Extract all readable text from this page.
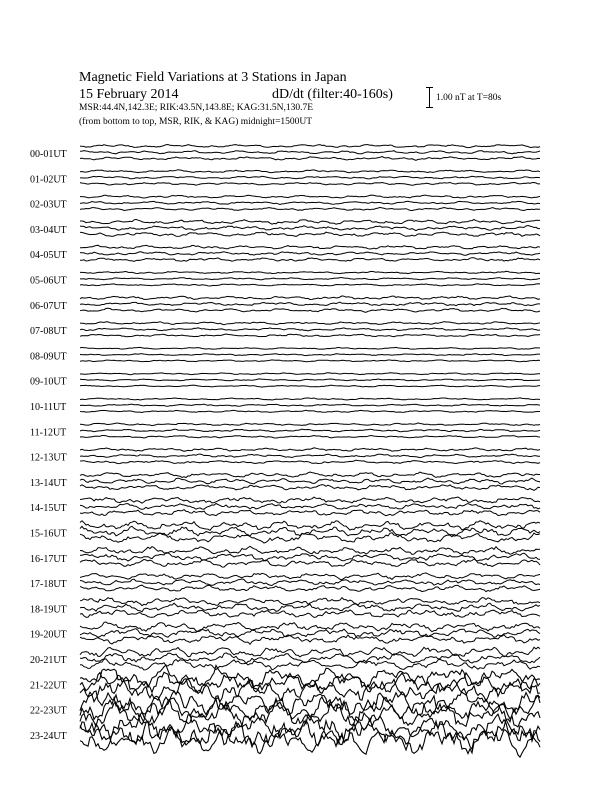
Magnetic Field Variations at 3 Stations in Japan
15 February 2014	dD/dt (filter:40-160s)
MSR:44.4N,142.3E; RIK:43.5N,143.8E; KAG:31.5N,130.7E
(from bottom to top, MSR, RIK, & KAG) midnight=1500UT
1.00 nT at T=80s
00-01UT
01-02UT
02-03UT
03-04UT
04-05UT
05-06UT
06-07UT
07-08UT
08-09UT
09-10UT
10-11UT
11-12UT
12-13UT
13-14UT
14-15UT
15-16UT
16-17UT
17-18UT
18-19UT
19-20UT
20-21UT
21-22UT
22-23UT
23-24UT
